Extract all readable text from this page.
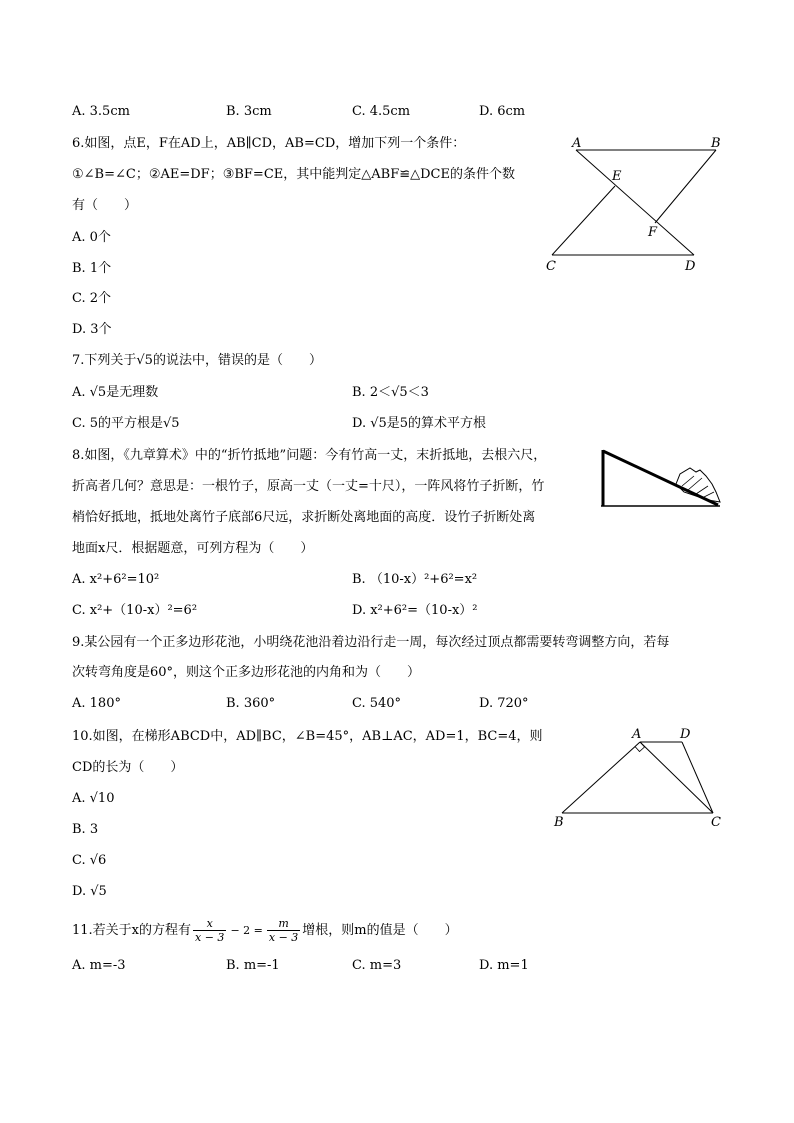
A. 3.5cm	B. 3cm	C. 4.5cm	D. 6cm
6.如图，点E，F在AD上，AB∥CD，AB=CD，增加下列一个条件：
①∠B=∠C；②AE=DF；③BF=CE，其中能判定△ABF≌△DCE的条件个数
有（　　）
A. 0个
B. 1个
C. 2个
D. 3个
A	B
E
F
C	D
7.下列关于√5的说法中，错误的是（　　）
A. √5是无理数	B. 2＜√5＜3
C. 5的平方根是√5	D. √5是5的算术平方根
8.如图，《九章算术》中的“折竹抵地”问题：今有竹高一丈，末折抵地，去根六尺，
折高者几何？意思是：一根竹子，原高一丈（一丈=十尺），一阵风将竹子折断，竹
梢恰好抵地，抵地处离竹子底部6尺远，求折断处离地面的高度．设竹子折断处离
地面x尺．根据题意，可列方程为（　　）
A. x²+6²=10²	B. （10-x）²+6²=x²
C. x²+（10-x）²=6²	D. x²+6²=（10-x）²
9.某公园有一个正多边形花池，小明绕花池沿着边沿行走一周，每次经过顶点都需要转弯调整方向，若每
次转弯角度是60°，则这个正多边形花池的内角和为（　　）
A. 180°	B. 360°	C. 540°	D. 720°
10.如图，在梯形ABCD中，AD∥BC，∠B=45°，AB⊥AC，AD=1，BC=4，则
CD的长为（　　）
A. √10
B. 3
C. √6
D. √5
A	D
B	C
11.若关于x的方程有 $\frac{x}{x - 3} - 2 = \frac{m}{x - 3}$ 增根，则m的值是（　　）
A. m=-3	B. m=-1	C. m=3	D. m=1
